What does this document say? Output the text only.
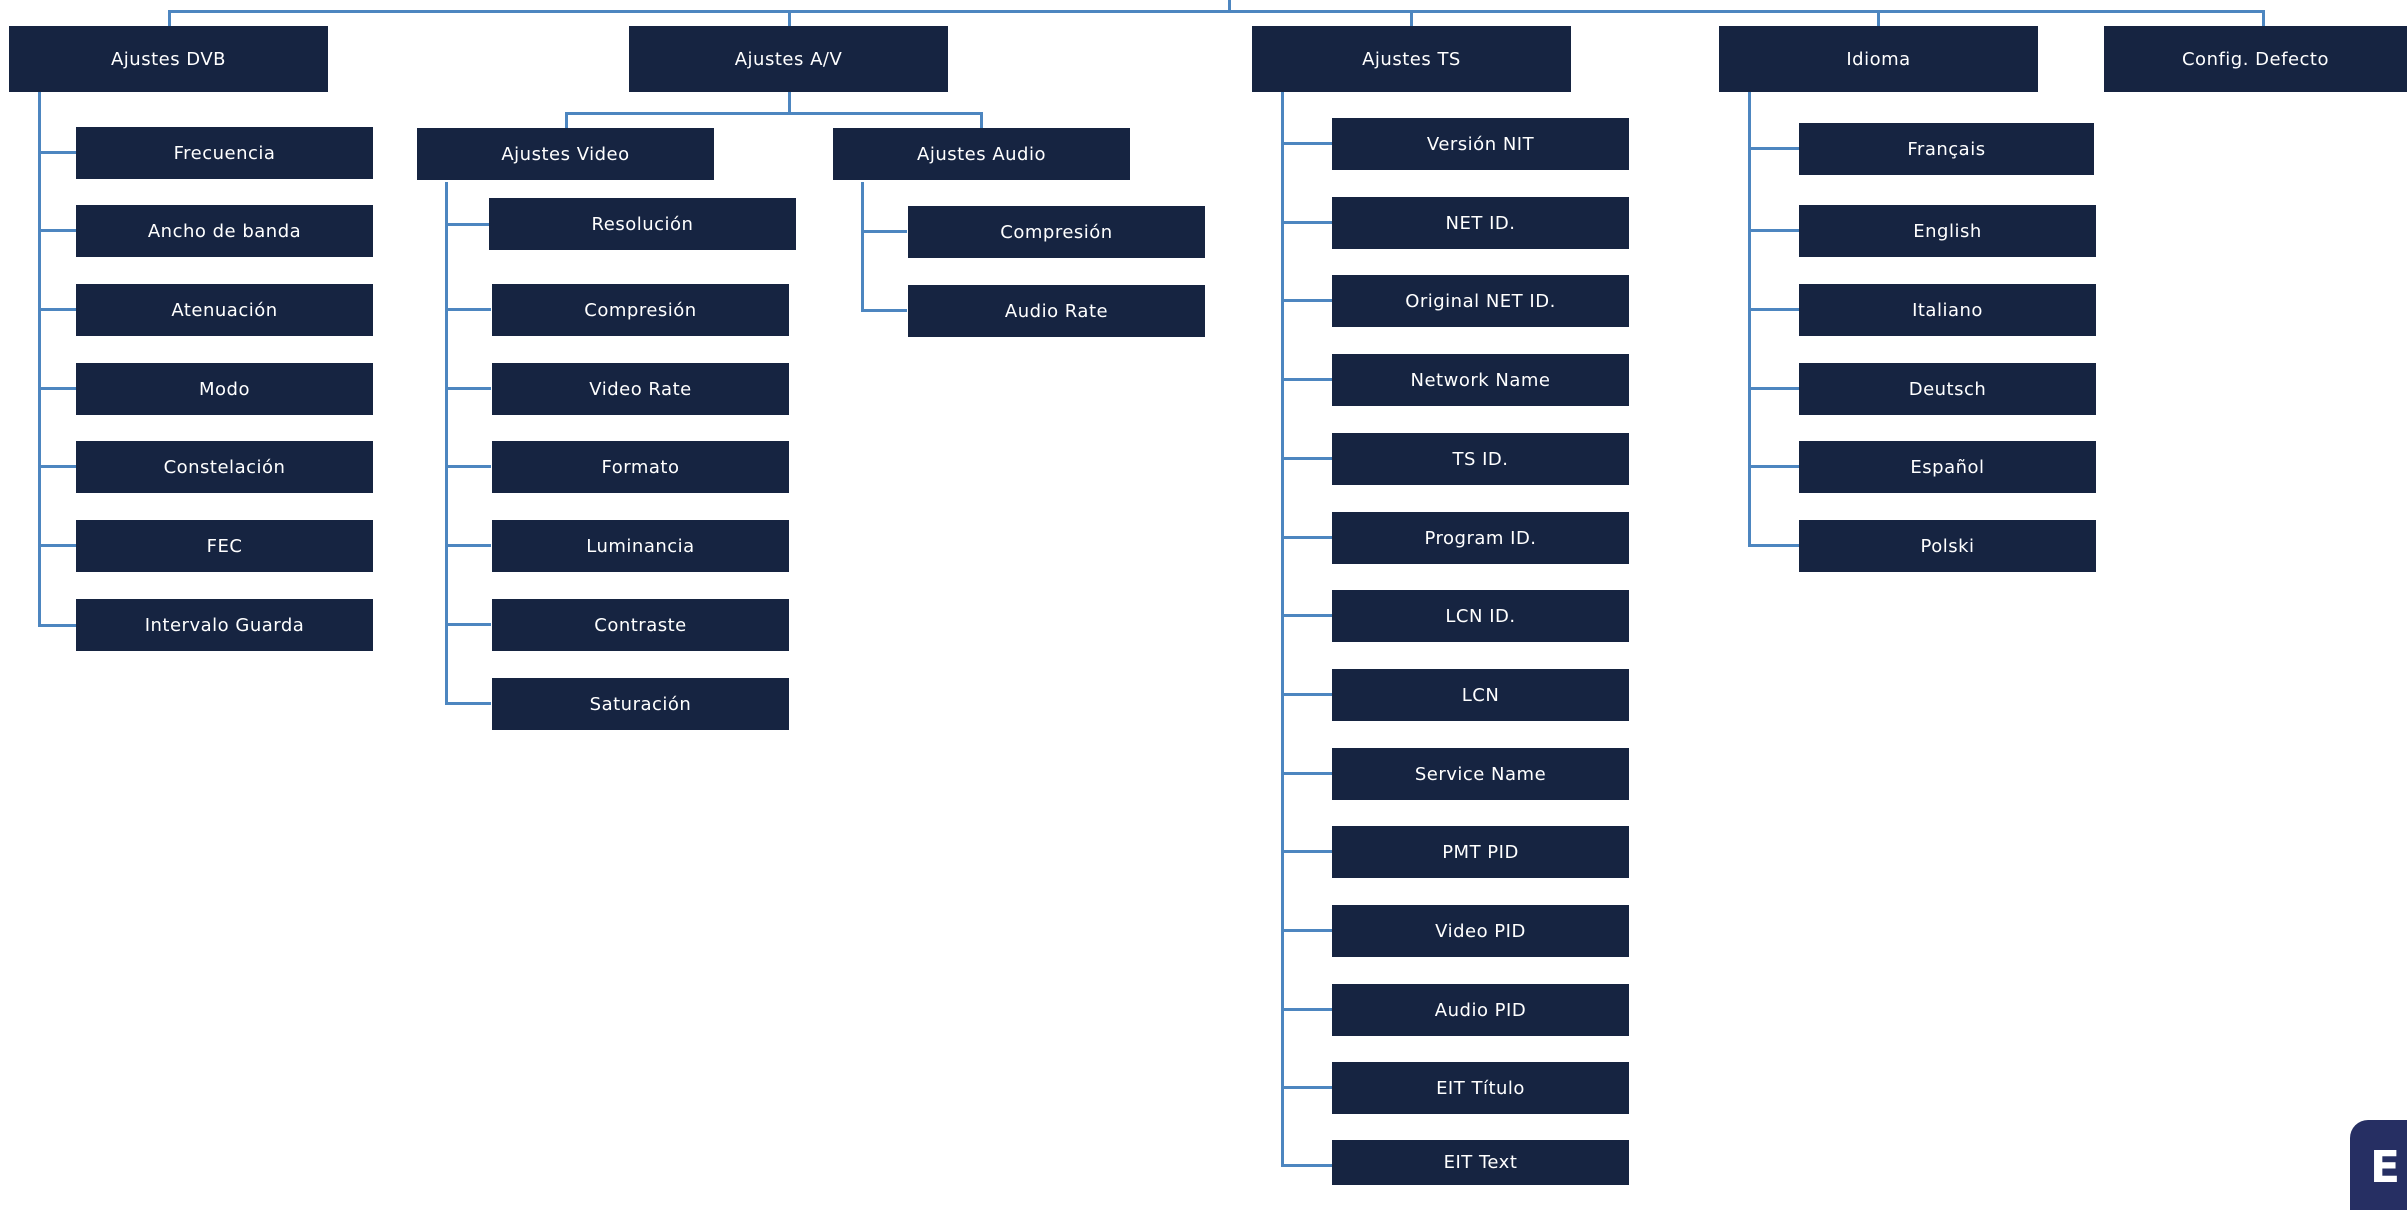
Ajustes DVB	Ajustes A/V	Ajustes TS	Idioma	Config. Defecto
Frecuencia
Ancho de banda
Atenuación
Modo
Constelación
FEC
Intervalo Guarda
Ajustes Video	Ajustes Audio
Resolución
Compresión
Video Rate
Formato
Luminancia
Contraste
Saturación
Compresión
Audio Rate
Versión NIT
NET ID.
Original NET ID.
Network Name
TS ID.
Program ID.
LCN ID.
LCN
Service Name
PMT PID
Video PID
Audio PID
EIT Título
EIT Text
Français
English
Italiano
Deutsch
Español
Polski
E
